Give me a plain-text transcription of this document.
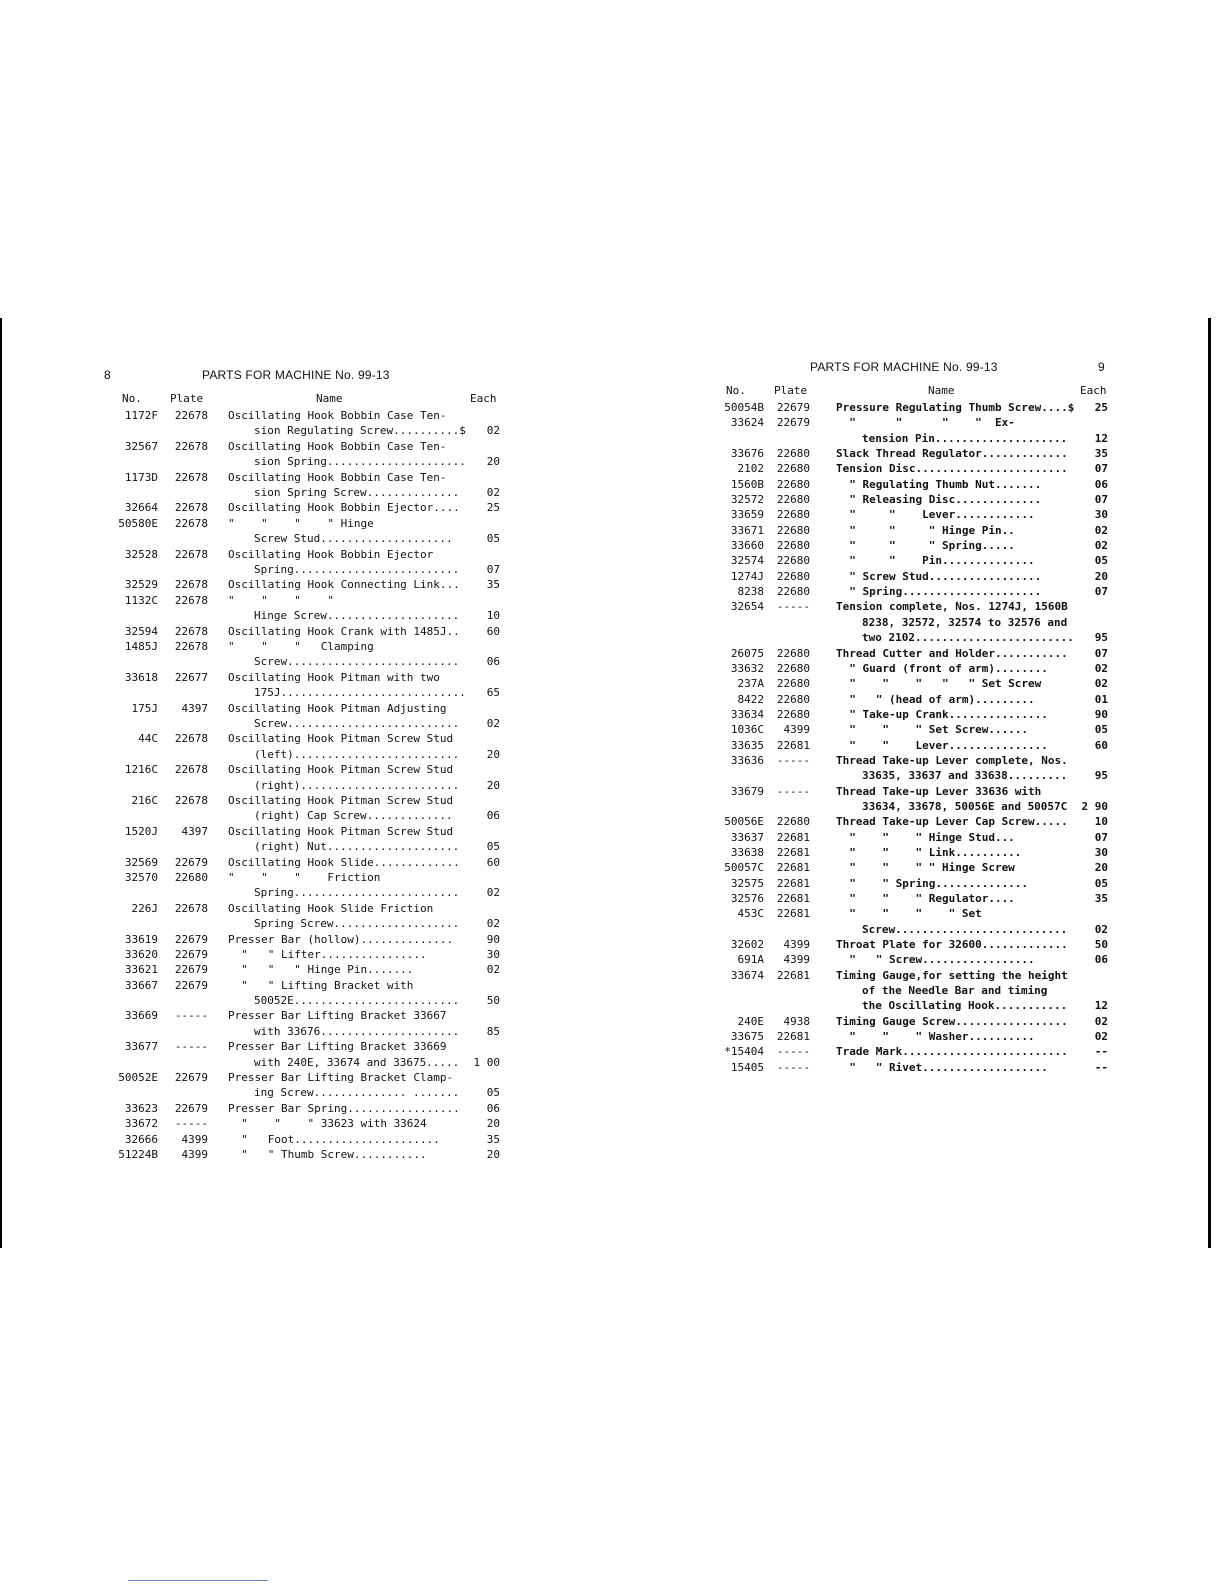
8	PARTS FOR MACHINE No. 99-13
No.	Plate	Name	Each
1172F	22678 Oscillating Hook Bobbin Case Ten-
sion Regulating Screw..........$	02
32567	22678 Oscillating Hook Bobbin Case Ten-
sion Spring.....................	20
1173D	22678 Oscillating Hook Bobbin Case Ten-
sion Spring Screw..............	02
32664	22678 Oscillating Hook Bobbin Ejector....	25
50580E	22678 "    "    "    " Hinge
Screw Stud....................	05
32528	22678 Oscillating Hook Bobbin Ejector
Spring.........................	07
32529	22678 Oscillating Hook Connecting Link...	35
1132C	22678 "    "    "    "
Hinge Screw....................	10
32594	22678 Oscillating Hook Crank with 1485J..	60
1485J	22678 "    "    "   Clamping
Screw..........................	06
33618	22677 Oscillating Hook Pitman with two
175J............................	65
175J	4397 Oscillating Hook Pitman Adjusting
Screw..........................	02
44C	22678 Oscillating Hook Pitman Screw Stud
(left).........................	20
1216C	22678 Oscillating Hook Pitman Screw Stud
(right)........................	20
216C	22678 Oscillating Hook Pitman Screw Stud
(right) Cap Screw.............	06
1520J	4397 Oscillating Hook Pitman Screw Stud
(right) Nut....................	05
32569	22679 Oscillating Hook Slide.............	60
32570	22680 "    "    "    Friction
Spring.........................	02
226J	22678 Oscillating Hook Slide Friction
Spring Screw...................	02
33619	22679 Presser Bar (hollow)..............	90
33620	22679 "   " Lifter................	30
33621	22679 "   "   " Hinge Pin.......	02
33667	22679 "   " Lifting Bracket with
50052E.........................	50
33669	----- Presser Bar Lifting Bracket 33667
with 33676.....................	85
33677	----- Presser Bar Lifting Bracket 33669
with 240E, 33674 and 33675.....	1 00
50052E	22679 Presser Bar Lifting Bracket Clamp-
ing Screw.............. .......	05
33623	22679 Presser Bar Spring.................	06
33672	----- "    "    " 33623 with 33624	20
32666	4399 "   Foot......................	35
51224B	4399 "   " Thumb Screw...........	20
PARTS FOR MACHINE No. 99-13	9
No.	Plate	Name	Each
50054B	22679 Pressure Regulating Thumb Screw....$	25
33624	22679 "      "      "    "  Ex-
tension Pin....................	12
33676	22680 Slack Thread Regulator.............	35
2102	22680 Tension Disc.......................	07
1560B	22680 " Regulating Thumb Nut.......	06
32572	22680 " Releasing Disc.............	07
33659	22680 "     "    Lever............	30
33671	22680 "     "     " Hinge Pin..	02
33660	22680 "     "     " Spring.....	02
32574	22680 "     "    Pin..............	05
1274J	22680 " Screw Stud.................	20
8238	22680 " Spring.....................	07
32654	----- Tension complete, Nos. 1274J, 1560B
8238, 32572, 32574 to 32576 and
two 2102........................	95
26075	22680 Thread Cutter and Holder...........	07
33632	22680 " Guard (front of arm)........	02
237A	22680 "    "    "   "   " Set Screw	02
8422	22680 "   " (head of arm).........	01
33634	22680 " Take-up Crank...............	90
1036C	4399 "    "    " Set Screw......	05
33635	22681 "    "    Lever...............	60
33636	----- Thread Take-up Lever complete, Nos.
33635, 33637 and 33638.........	95
33679	----- Thread Take-up Lever 33636 with
33634, 33678, 50056E and 50057C	2 90
50056E	22680 Thread Take-up Lever Cap Screw.....	10
33637	22681 "    "    " Hinge Stud...	07
33638	22681 "    "    " Link..........	30
50057C	22681 "    "    " " Hinge Screw	20
32575	22681 "    " Spring..............	05
32576	22681 "    "    " Regulator....	35
453C	22681 "    "    "    " Set
Screw..........................	02
32602	4399 Throat Plate for 32600.............	50
691A	4399 "   " Screw.................	06
33674	22681 Timing Gauge,for setting the height
of the Needle Bar and timing
the Oscillating Hook...........	12
240E	4938 Timing Gauge Screw.................	02
33675	22681 "    "    " Washer..........	02
*15404	----- Trade Mark.........................	--
15405	----- "   " Rivet...................	--
